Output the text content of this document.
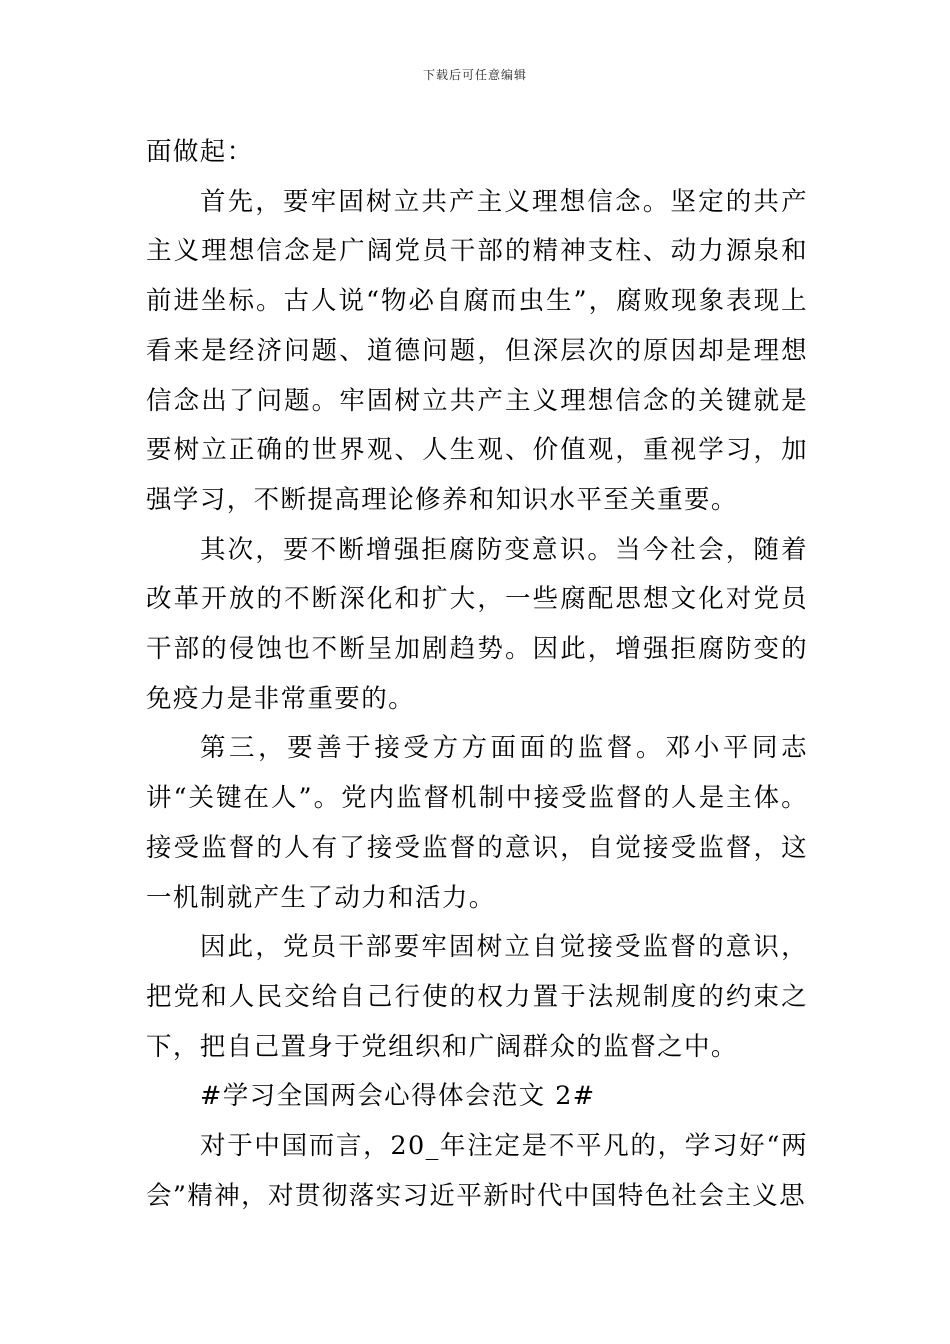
下载后可任意编辑

面做起：

首先，要牢固树立共产主义理想信念。坚定的共产主义理想信念是广阔党员干部的精神支柱、动力源泉和前进坐标。古人说“物必自腐而虫生”，腐败现象表现上看来是经济问题、道德问题，但深层次的原因却是理想信念出了问题。牢固树立共产主义理想信念的关键就是要树立正确的世界观、人生观、价值观，重视学习，加强学习，不断提高理论修养和知识水平至关重要。

其次，要不断增强拒腐防变意识。当今社会，随着改革开放的不断深化和扩大，一些腐配思想文化对党员干部的侵蚀也不断呈加剧趋势。因此，增强拒腐防变的免疫力是非常重要的。

第三，要善于接受方方面面的监督。邓小平同志讲“关键在人”。党内监督机制中接受监督的人是主体。接受监督的人有了接受监督的意识，自觉接受监督，这一机制就产生了动力和活力。

因此，党员干部要牢固树立自觉接受监督的意识，把党和人民交给自己行使的权力置于法规制度的约束之下，把自己置身于党组织和广阔群众的监督之中。

#学习全国两会心得体会范文 2#

对于中国而言，20_年注定是不平凡的，学习好“两会”精神，对贯彻落实习近平新时代中国特色社会主义思
